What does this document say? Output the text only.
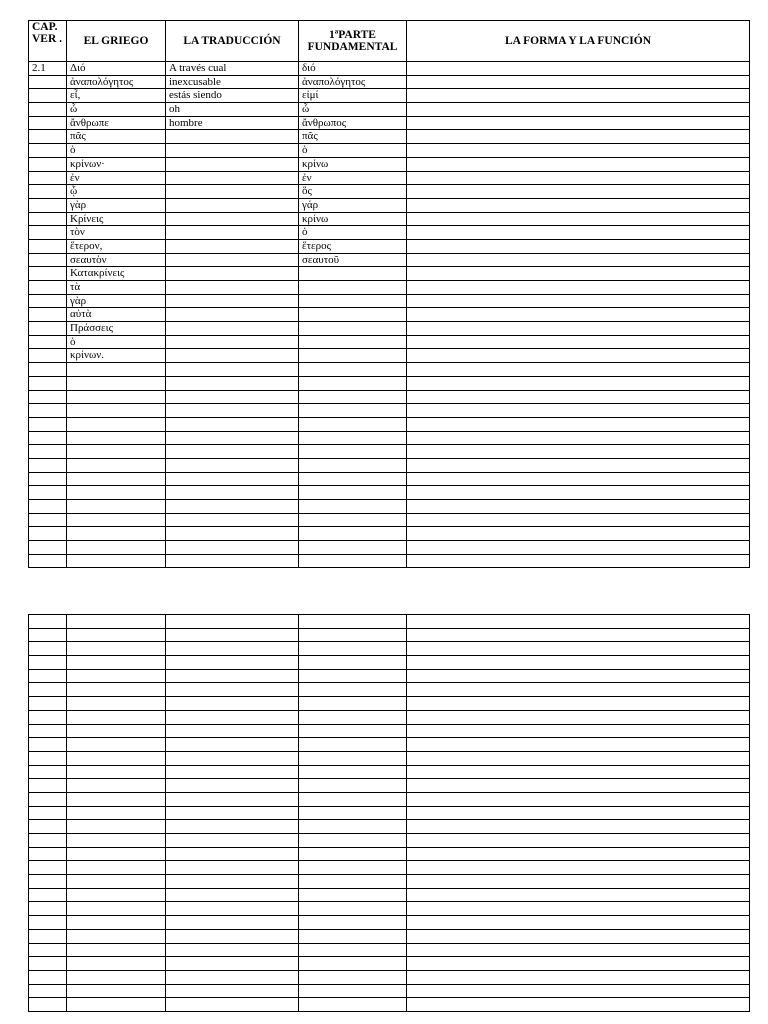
CAP. VER .	EL GRIEGO	LA TRADUCCIÓN	1ªPARTE FUNDAMENTAL	LA FORMA Y LA FUNCIÓN
2.1	Διό	A través cual	διό	
	ἀναπολόγητος	inexcusable	ἀναπολόγητος	
	εἶ,	estás siendo	εἰμί	
	ὦ	oh	ὦ	
	ἄνθρωπε	hombre	ἄνθρωπος	
	πᾶς		πᾶς	
	ὁ		ὁ	
	κρίνων·		κρίνω	
	ἐν		ἐν	
	ᾧ		ὅς	
	γὰρ		γάρ	
	Κρίνεις		κρίνω	
	τὸν		ὁ	
	ἕτερον,		ἕτερος	
	σεαυτὸν		σεαυτοῦ	
	Κατακρίνεις			
	τὰ			
	γὰρ			
	αὐτὰ			
	Πράσσεις			
	ὁ			
	κρίνων.			
